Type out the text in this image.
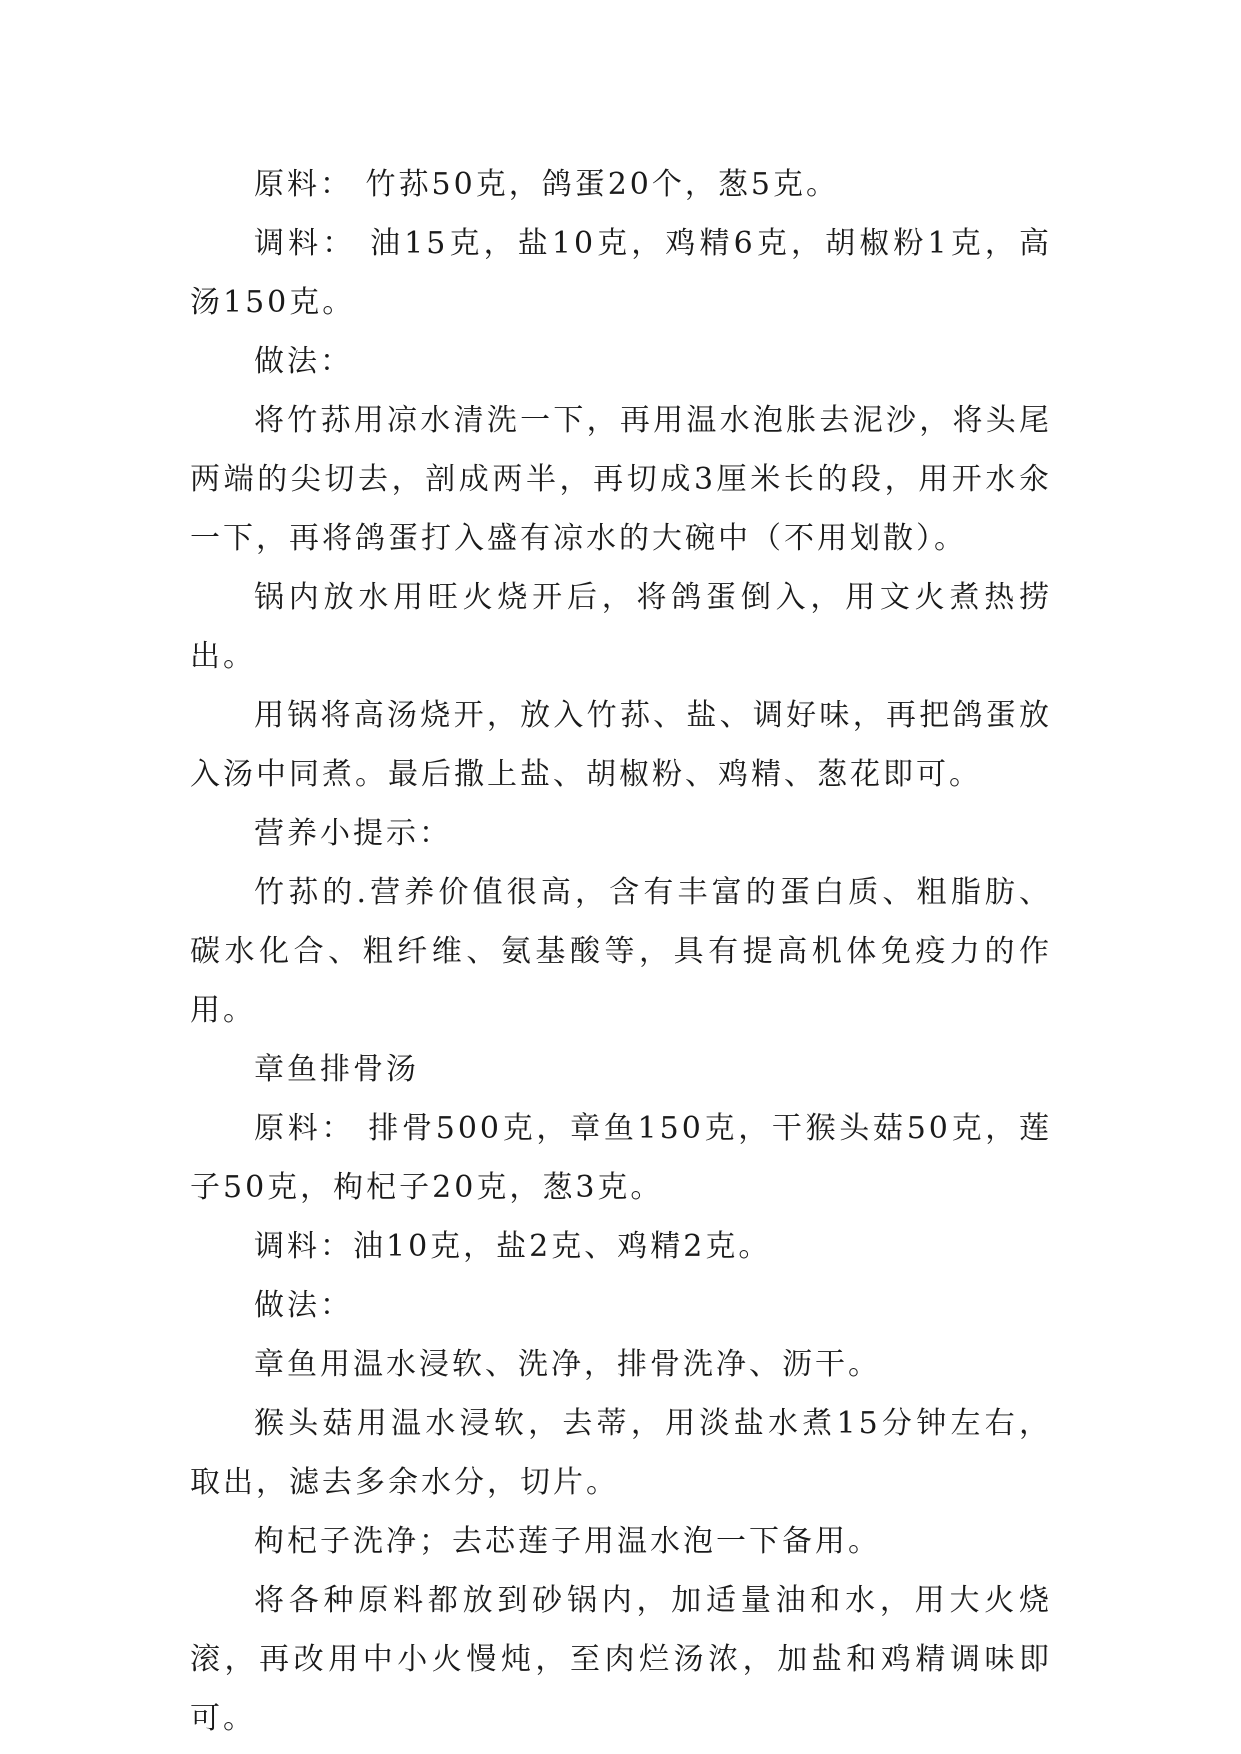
原料： 竹荪50克，鸽蛋20个，葱5克。

调料： 油15克，盐10克，鸡精6克，胡椒粉1克，高汤150克。

做法：

将竹荪用凉水清洗一下，再用温水泡胀去泥沙，将头尾两端的尖切去，剖成两半，再切成3厘米长的段，用开水氽一下，再将鸽蛋打入盛有凉水的大碗中（不用划散）。

锅内放水用旺火烧开后，将鸽蛋倒入，用文火煮热捞出。

用锅将高汤烧开，放入竹荪、盐、调好味，再把鸽蛋放入汤中同煮。最后撒上盐、胡椒粉、鸡精、葱花即可。

营养小提示：

竹荪的.营养价值很高，含有丰富的蛋白质、粗脂肪、碳水化合、粗纤维、氨基酸等，具有提高机体免疫力的作用。

章鱼排骨汤

原料： 排骨500克，章鱼150克，干猴头菇50克，莲子50克，枸杞子20克，葱3克。

调料：油10克，盐2克、鸡精2克。

做法：

章鱼用温水浸软、洗净，排骨洗净、沥干。

猴头菇用温水浸软，去蒂，用淡盐水煮15分钟左右，取出，滤去多余水分，切片。

枸杞子洗净；去芯莲子用温水泡一下备用。

将各种原料都放到砂锅内，加适量油和水，用大火烧滚，再改用中小火慢炖，至肉烂汤浓，加盐和鸡精调味即可。
